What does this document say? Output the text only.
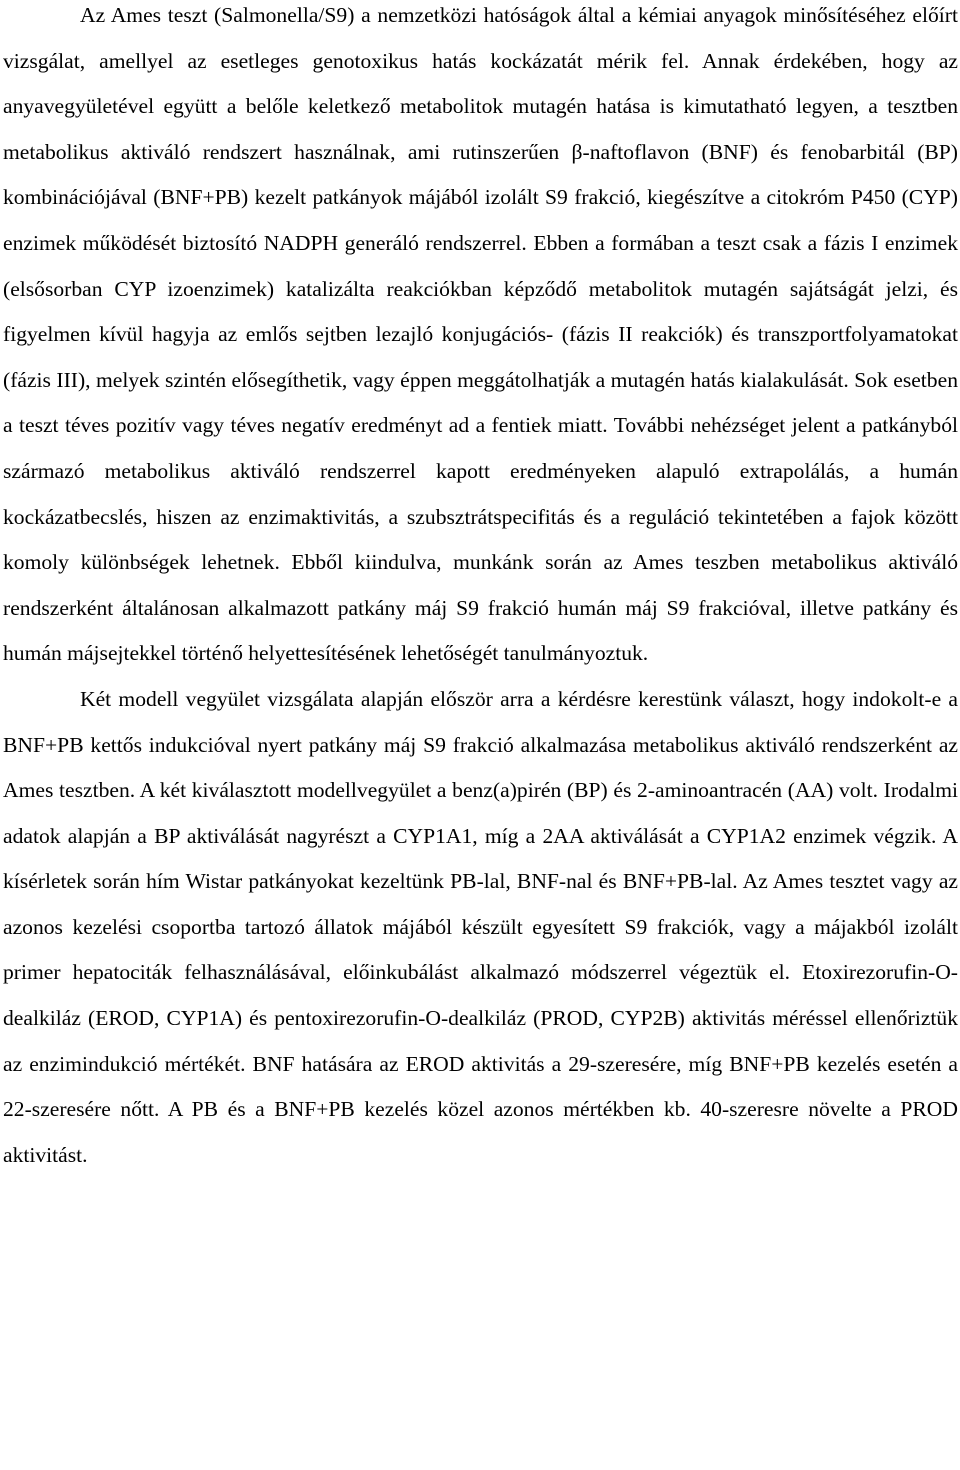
Az Ames teszt (Salmonella/S9) a nemzetközi hatóságok által a kémiai anyagok minősítéséhez előírt vizsgálat, amellyel az esetleges genotoxikus hatás kockázatát mérik fel. Annak érdekében, hogy az anyavegyületével együtt a belőle keletkező metabolitok mutagén hatása is kimutatható legyen, a tesztben metabolikus aktiváló rendszert használnak, ami rutinszerűen β-naftoflavon (BNF) és fenobarbitál (BP) kombinációjával (BNF+PB) kezelt patkányok májából izolált S9 frakció, kiegészítve a citokróm P450 (CYP) enzimek működését biztosító NADPH generáló rendszerrel. Ebben a formában a teszt csak a fázis I enzimek (elsősorban CYP izoenzimek) katalizálta reakciókban képződő metabolitok mutagén sajátságát jelzi, és figyelmen kívül hagyja az emlős sejtben lezajló konjugációs- (fázis II reakciók) és transzportfolyamatokat (fázis III), melyek szintén elősegíthetik, vagy éppen meggátolhatják a mutagén hatás kialakulását. Sok esetben a teszt téves pozitív vagy téves negatív eredményt ad a fentiek miatt. További nehézséget jelent a patkányból származó metabolikus aktiváló rendszerrel kapott eredményeken alapuló extrapolálás, a humán kockázatbecslés, hiszen az enzimaktivitás, a szubsztrátspecifitás és a reguláció tekintetében a fajok között komoly különbségek lehetnek. Ebből kiindulva, munkánk során az Ames teszben metabolikus aktiváló rendszerként általánosan alkalmazott patkány máj S9 frakció humán máj S9 frakcióval, illetve patkány és humán májsejtekkel történő helyettesítésének lehetőségét tanulmányoztuk.

Két modell vegyület vizsgálata alapján először arra a kérdésre kerestünk választ, hogy indokolt-e a BNF+PB kettős indukcióval nyert patkány máj S9 frakció alkalmazása metabolikus aktiváló rendszerként az Ames tesztben. A két kiválasztott modellvegyület a benz(a)pirén (BP) és 2-aminoantracén (AA) volt. Irodalmi adatok alapján a BP aktiválását nagyrészt a CYP1A1, míg a 2AA aktiválását a CYP1A2 enzimek végzik. A kísérletek során hím Wistar patkányokat kezeltünk PB-lal, BNF-nal és BNF+PB-lal. Az Ames tesztet vagy az azonos kezelési csoportba tartozó állatok májából készült egyesített S9 frakciók, vagy a májakból izolált primer hepatociták felhasználásával, előinkubálást alkalmazó módszerrel végeztük el. Etoxirezorufin-O-dealkiláz (EROD, CYP1A) és pentoxirezorufin-O-dealkiláz (PROD, CYP2B) aktivitás méréssel ellenőriztük az enzimindukció mértékét. BNF hatására az EROD aktivitás a 29-szeresére, míg BNF+PB kezelés esetén a 22-szeresére nőtt. A PB és a BNF+PB kezelés közel azonos mértékben kb. 40-szeresre növelte a PROD aktivitást.
